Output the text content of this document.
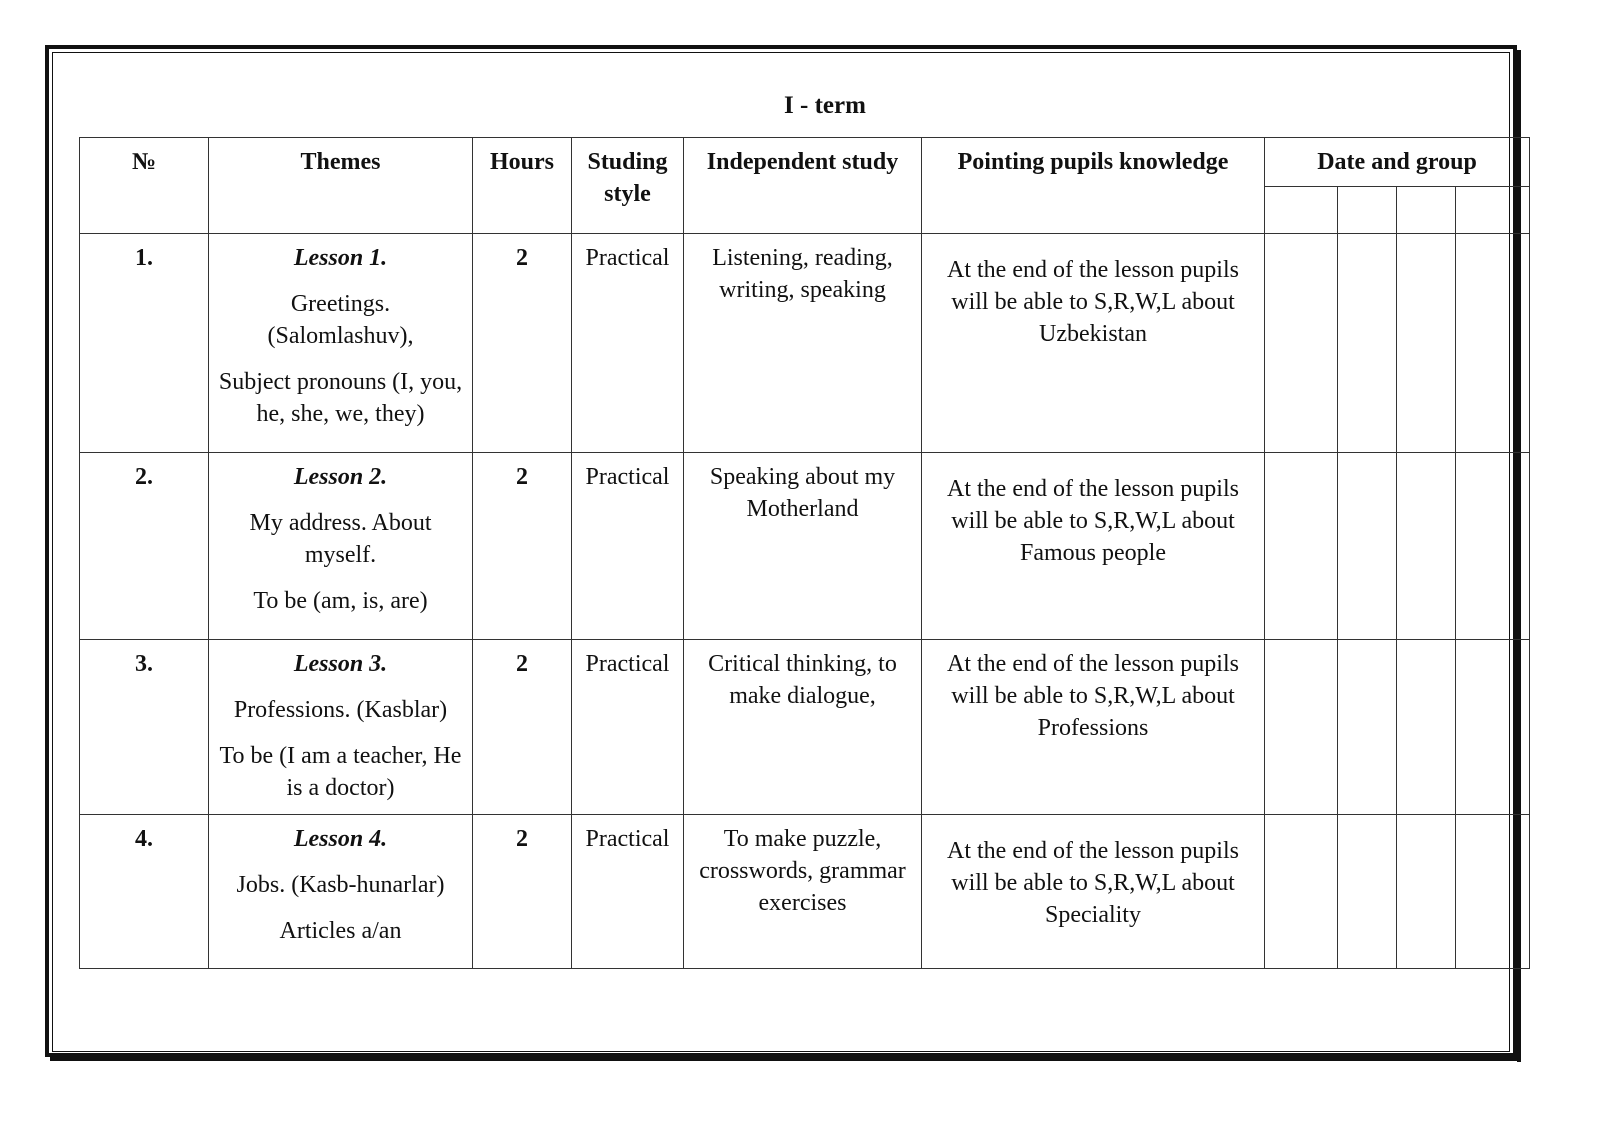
I - term
№	Themes	Hours	Studing style	Independent study	Pointing pupils knowledge	Date and group			

1.	Lesson 1.
Greetings. (Salomlashuv),
Subject pronouns (I, you, he, she, we, they)	2	Practical	Listening, reading, writing, speaking	At the end of the lesson pupils will be able to S,R,W,L about Uzbekistan				
2.	Lesson 2.
My address. About myself.
To be (am, is, are)	2	Practical	Speaking about my Motherland	At the end of the lesson pupils will be able to S,R,W,L about Famous people				
3.	Lesson 3.
Professions. (Kasblar)
To be (I am a teacher, He is a doctor)	2	Practical	Critical thinking, to make dialogue,	At the end of the lesson pupils will be able to S,R,W,L about Professions				
4.	Lesson 4.
Jobs. (Kasb-hunarlar)
Articles a/an	2	Practical	To make puzzle, crosswords, grammar exercises	At the end of the lesson pupils will be able to S,R,W,L about Speciality				
